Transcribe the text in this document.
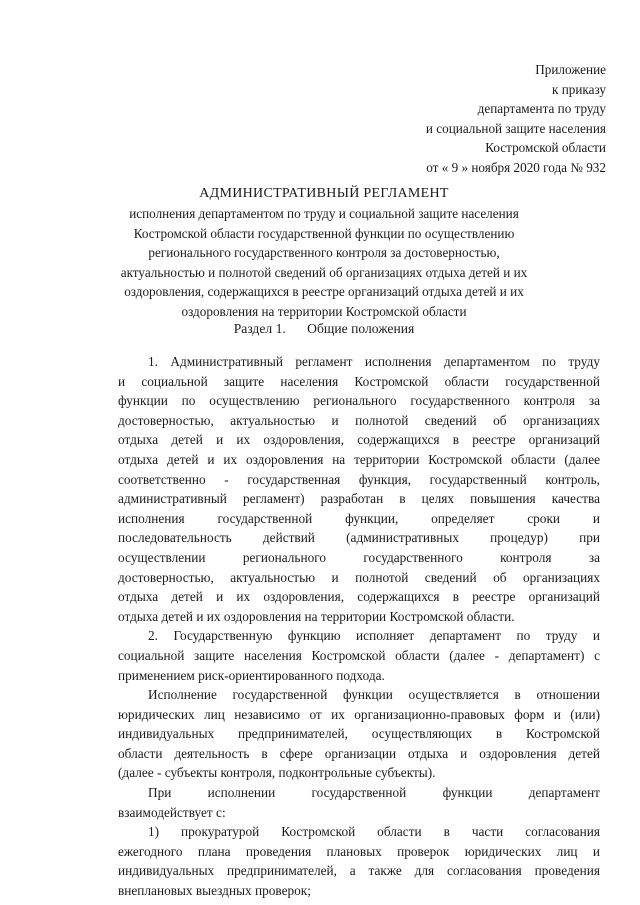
Приложение
к приказу
департамента по труду
и социальной защите населения
Костромской области
от « 9 » ноября 2020 года № 932
АДМИНИСТРАТИВНЫЙ РЕГЛАМЕНТ
исполнения департаментом по труду и социальной защите населения
Костромской области государственной функции по осуществлению
регионального государственного контроля за достоверностью,
актуальностью и полнотой сведений об организациях отдыха детей и их
оздоровления, содержащихся в реестре организаций отдыха детей и их
оздоровления на территории Костромской области
Раздел 1. Общие положения
1. Административный регламент исполнения департаментом по труду
и социальной защите населения Костромской области государственной
функции по осуществлению регионального государственного контроля за
достоверностью, актуальностью и полнотой сведений об организациях
отдыха детей и их оздоровления, содержащихся в реестре организаций
отдыха детей и их оздоровления на территории Костромской области (далее
соответственно - государственная функция, государственный контроль,
административный регламент) разработан в целях повышения качества
исполнения государственной функции, определяет сроки и
последовательность действий (административных процедур) при
осуществлении регионального государственного контроля за
достоверностью, актуальностью и полнотой сведений об организациях
отдыха детей и их оздоровления, содержащихся в реестре организаций
отдыха детей и их оздоровления на территории Костромской области.
2. Государственную функцию исполняет департамент по труду и
социальной защите населения Костромской области (далее - департамент) с
применением риск-ориентированного подхода.
Исполнение государственной функции осуществляется в отношении
юридических лиц независимо от их организационно-правовых форм и (или)
индивидуальных предпринимателей, осуществляющих в Костромской
области деятельность в сфере организации отдыха и оздоровления детей
(далее - субъекты контроля, подконтрольные субъекты).
При исполнении государственной функции департамент
взаимодействует с:
1) прокуратурой Костромской области в части согласования
ежегодного плана проведения плановых проверок юридических лиц и
индивидуальных предпринимателей, а также для согласования проведения
внеплановых выездных проверок;
